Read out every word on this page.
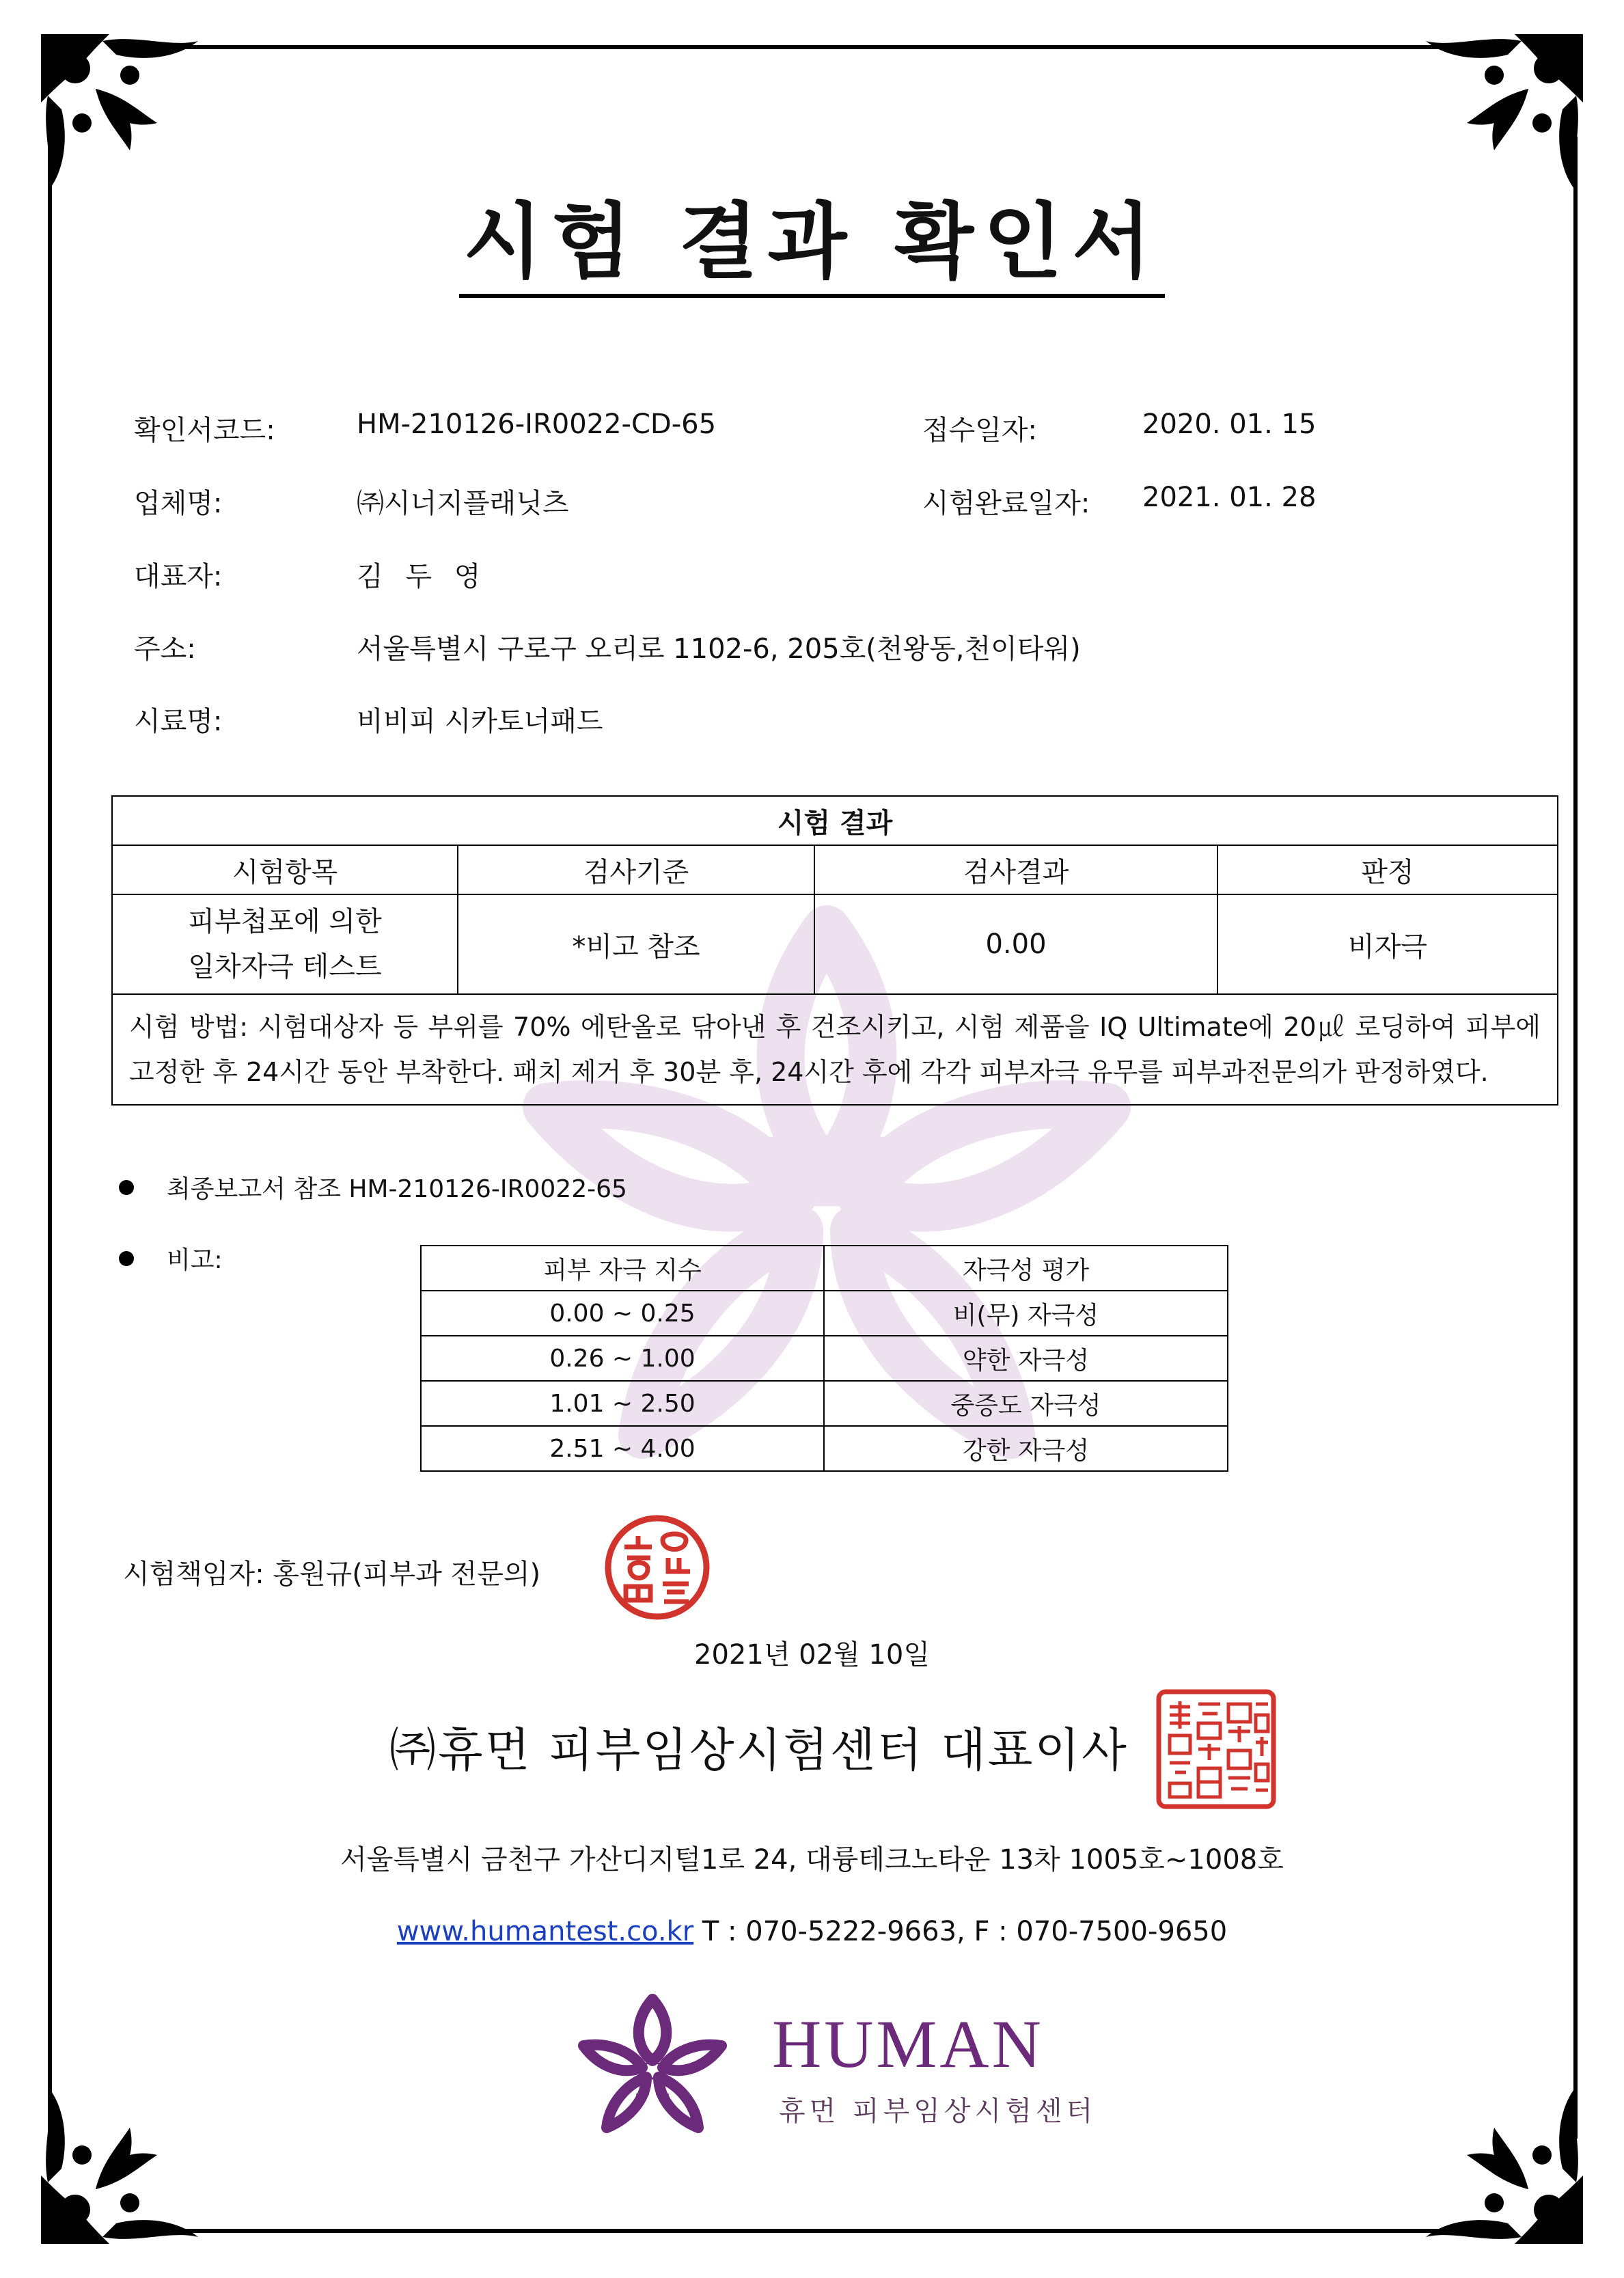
H
시험 결과 확인서
확인서코드:	HM-210126-IR0022-CD-65
업체명:	㈜시너지플래닛츠
대표자:	김 두 영
주소:	서울특별시 구로구 오리로 1102-6, 205호(천왕동,천이타워)
시료명:	비비피 시카토너패드
접수일자:	2020. 01. 15
시험완료일자: 2021. 01. 28
시험 결과			
시험항목	검사기준	검사결과	판정

피부첩포에 의한
일차자극 테스트	*비고 참조	0.00	비자극
시험 방법: 시험대상자 등 부위를 70% 에탄올로 닦아낸 후 건조시키고, 시험 제품을 IQ Ultimate에 20㎕ 로딩하여 피부에 고정한 후 24시간 동안 부착한다. 패치 제거 후 30분 후, 24시간 후에 각각 피부자극 유무를 피부과전문의가 판정하였다.			
최종보고서 참조 HM-210126-IR0022-65
비고:	피부 자극 지수	자극성 평가
0.00 ~ 0.25	비(무) 자극성
0.26 ~ 1.00	약한 자극성
1.01 ~ 2.50	중증도 자극성
2.51 ~ 4.00	강한 자극성
시험책임자: 홍원규(피부과 전문의)
2021년 02월 10일
㈜휴먼 피부임상시험센터 대표이사
서울특별시 금천구 가산디지털1로 24, 대륭테크노타운 13차 1005호~1008호
www.humantest.co.kr T : 070-5222-9663, F : 070-7500-9650
H HUMAN
휴먼 피부임상시험센터
